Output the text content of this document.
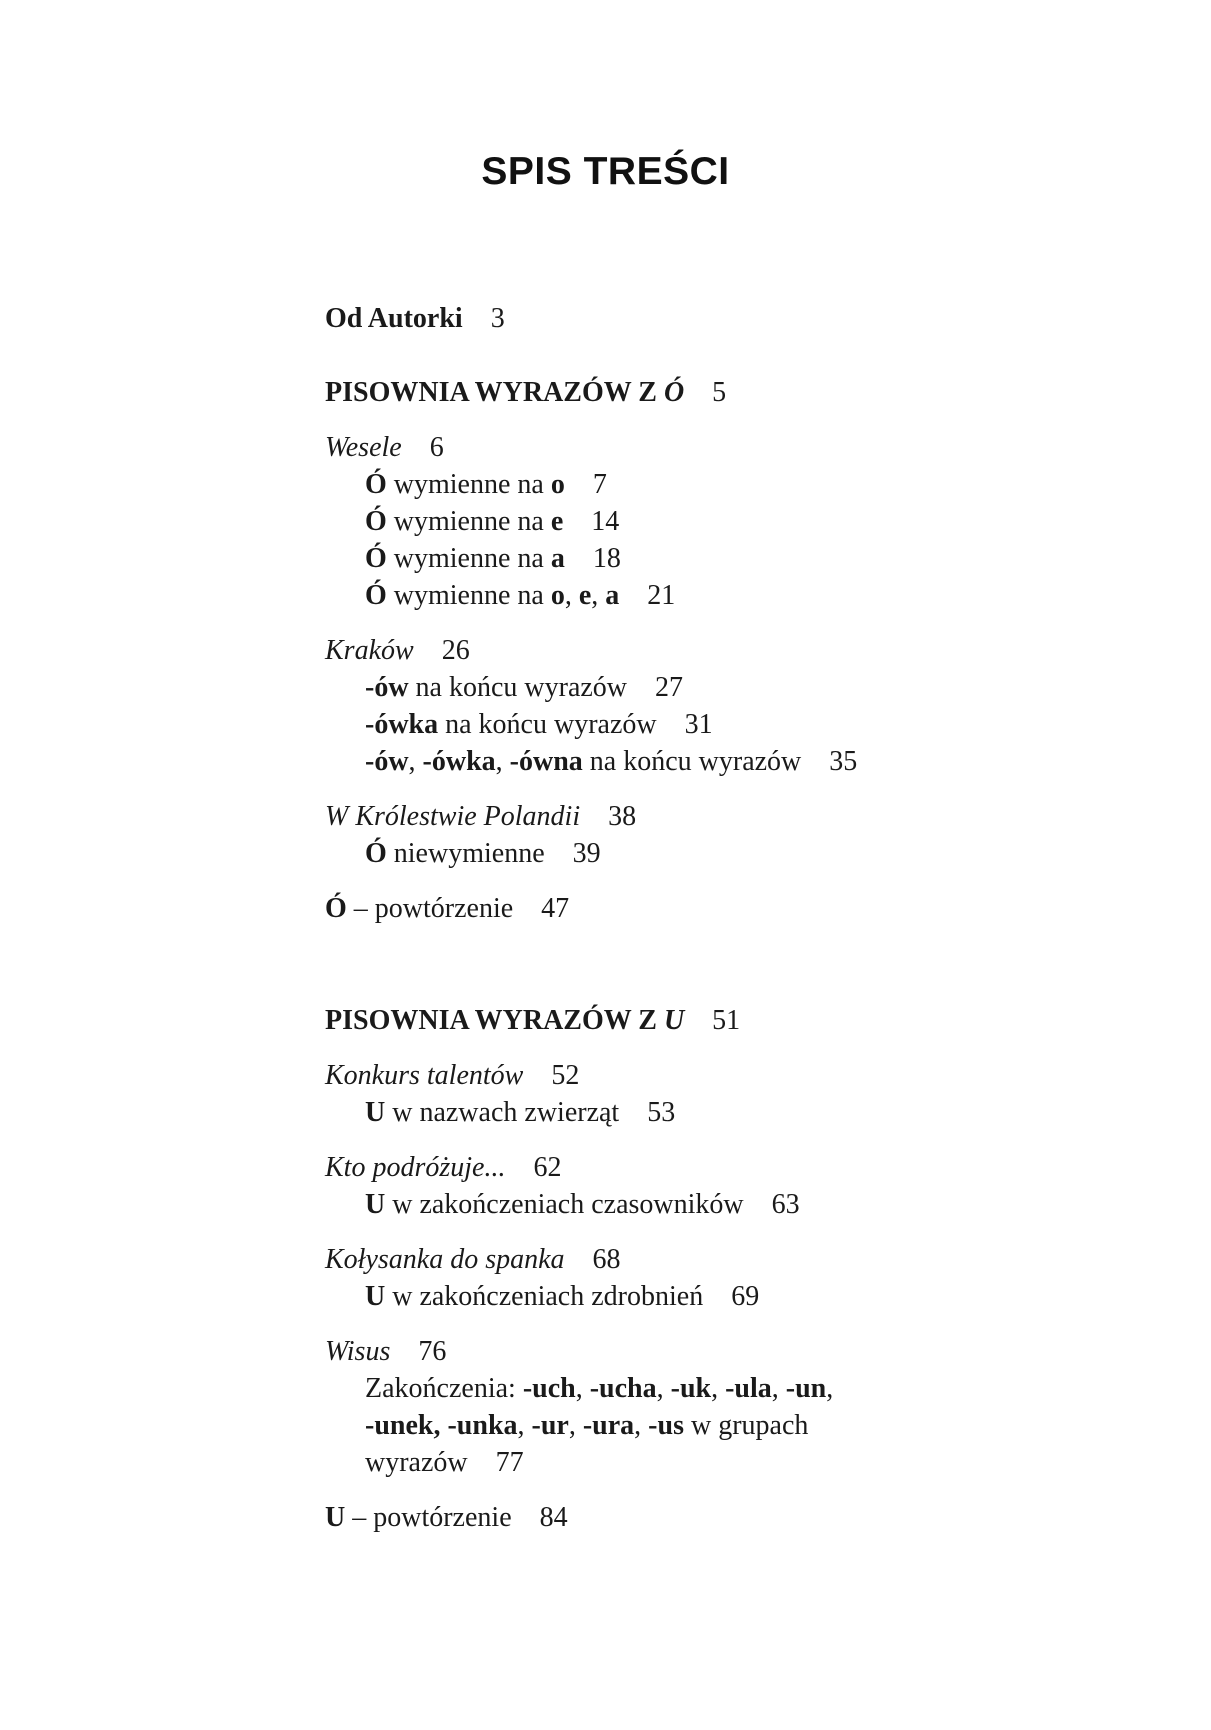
SPIS TREŚCI
Od Autorki 3
PISOWNIA WYRAZÓW Z Ó 5
Wesele 6
Ó wymienne na o 7
Ó wymienne na e 14
Ó wymienne na a 18
Ó wymienne na o, e, a 21
Kraków 26
-ów na końcu wyrazów 27
-ówka na końcu wyrazów 31
-ów, -ówka, -ówna na końcu wyrazów 35
W Królestwie Polandii 38
Ó niewymienne 39
Ó – powtórzenie 47
PISOWNIA WYRAZÓW Z U 51
Konkurs talentów 52
U w nazwach zwierząt 53
Kto podróżuje... 62
U w zakończeniach czasowników 63
Kołysanka do spanka 68
U w zakończeniach zdrobnień 69
Wisus 76
Zakończenia: -uch, -ucha, -uk, -ula, -un,
-unek, -unka, -ur, -ura, -us w grupach
wyrazów 77
U – powtórzenie 84
